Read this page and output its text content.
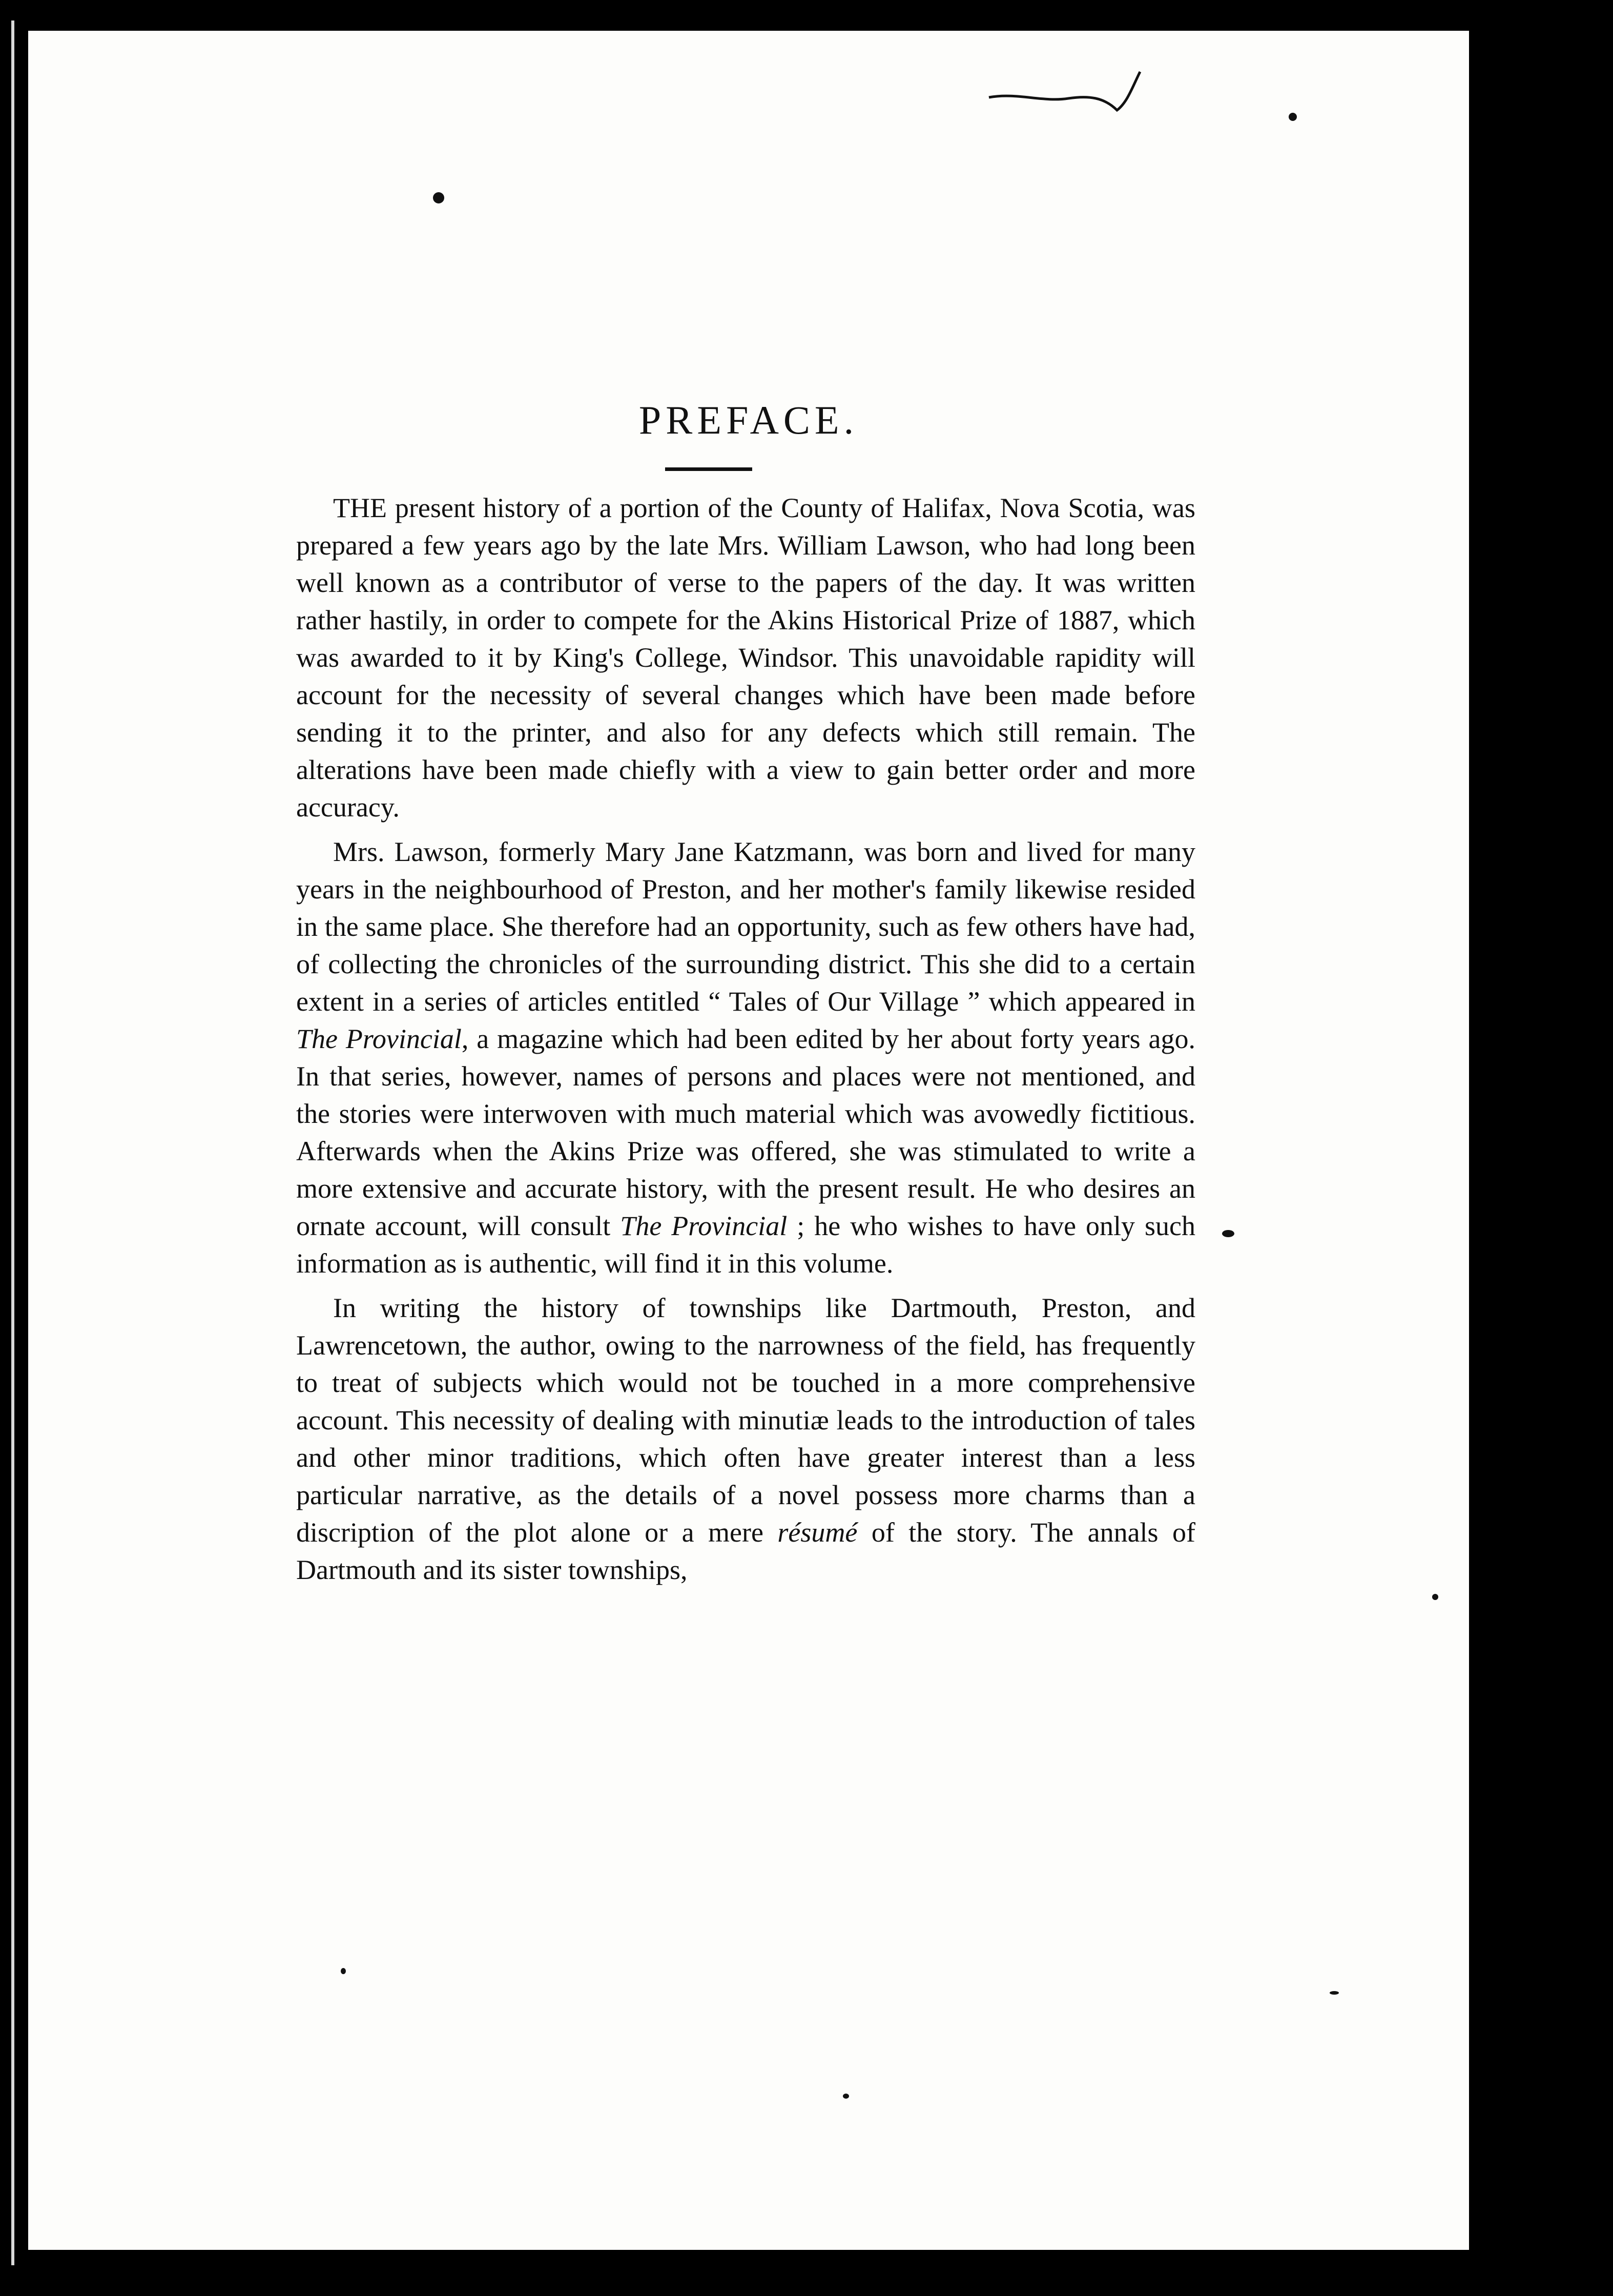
PREFACE.

THE present history of a portion of the County of Halifax, Nova Scotia, was prepared a few years ago by the late Mrs. William Lawson, who had long been well known as a contributor of verse to the papers of the day. It was written rather hastily, in order to compete for the Akins Historical Prize of 1887, which was awarded to it by King's College, Windsor. This unavoidable rapidity will account for the necessity of several changes which have been made before sending it to the printer, and also for any defects which still remain. The alterations have been made chiefly with a view to gain better order and more accuracy.

Mrs. Lawson, formerly Mary Jane Katzmann, was born and lived for many years in the neighbourhood of Preston, and her mother's family likewise resided in the same place. She therefore had an opportunity, such as few others have had, of collecting the chronicles of the surrounding district. This she did to a certain extent in a series of articles entitled “ Tales of Our Village ” which appeared in The Provincial, a magazine which had been edited by her about forty years ago. In that series, however, names of persons and places were not mentioned, and the stories were interwoven with much material which was avowedly fictitious. Afterwards when the Akins Prize was offered, she was stimulated to write a more extensive and accurate history, with the present result. He who desires an ornate account, will consult The Provincial ; he who wishes to have only such information as is authentic, will find it in this volume.

In writing the history of townships like Dartmouth, Preston, and Lawrencetown, the author, owing to the narrowness of the field, has frequently to treat of subjects which would not be touched in a more comprehensive account. This necessity of dealing with minutiæ leads to the introduction of tales and other minor traditions, which often have greater interest than a less particular narrative, as the details of a novel possess more charms than a discription of the plot alone or a mere résumé of the story. The annals of Dartmouth and its sister townships,
